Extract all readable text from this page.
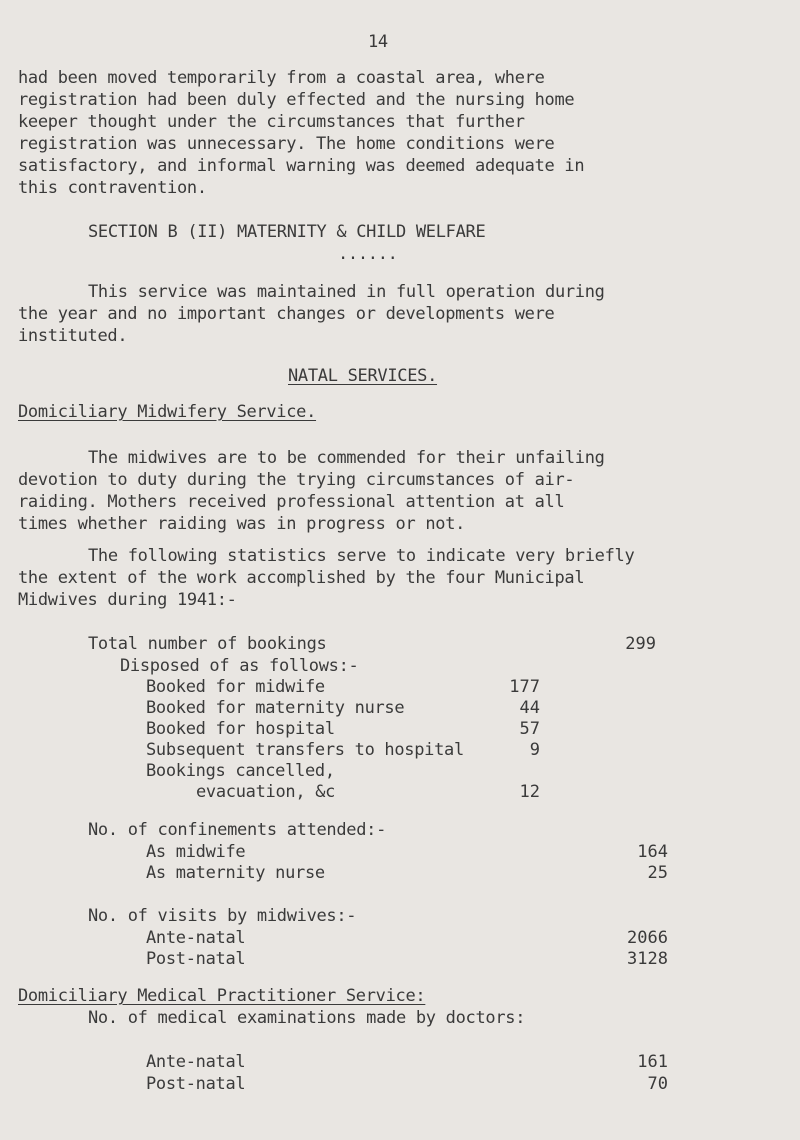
14
had been moved temporarily from a coastal area, where
registration had been duly effected and the nursing home
keeper thought under the circumstances that further
registration was unnecessary. The home conditions were
satisfactory, and informal warning was deemed adequate in
this contravention.
SECTION B (II) MATERNITY & CHILD WELFARE
......
This service was maintained in full operation during
the year and no important changes or developments were
instituted.
NATAL SERVICES.
Domiciliary Midwifery Service.
The midwives are to be commended for their unfailing
devotion to duty during the trying circumstances of air-
raiding. Mothers received professional attention at all
times whether raiding was in progress or not.
The following statistics serve to indicate very briefly
the extent of the work accomplished by the four Municipal
Midwives during 1941:-
Total number of bookings	299
Disposed of as follows:-
Booked for midwife	177
Booked for maternity nurse	44
Booked for hospital	57
Subsequent transfers to hospital	9
Bookings cancelled,
evacuation, &c	12
No. of confinements attended:-
As midwife	164
As maternity nurse	25
No. of visits by midwives:-
Ante-natal	2066
Post-natal	3128
Domiciliary Medical Practitioner Service:
No. of medical examinations made by doctors:
Ante-natal	161
Post-natal	70
